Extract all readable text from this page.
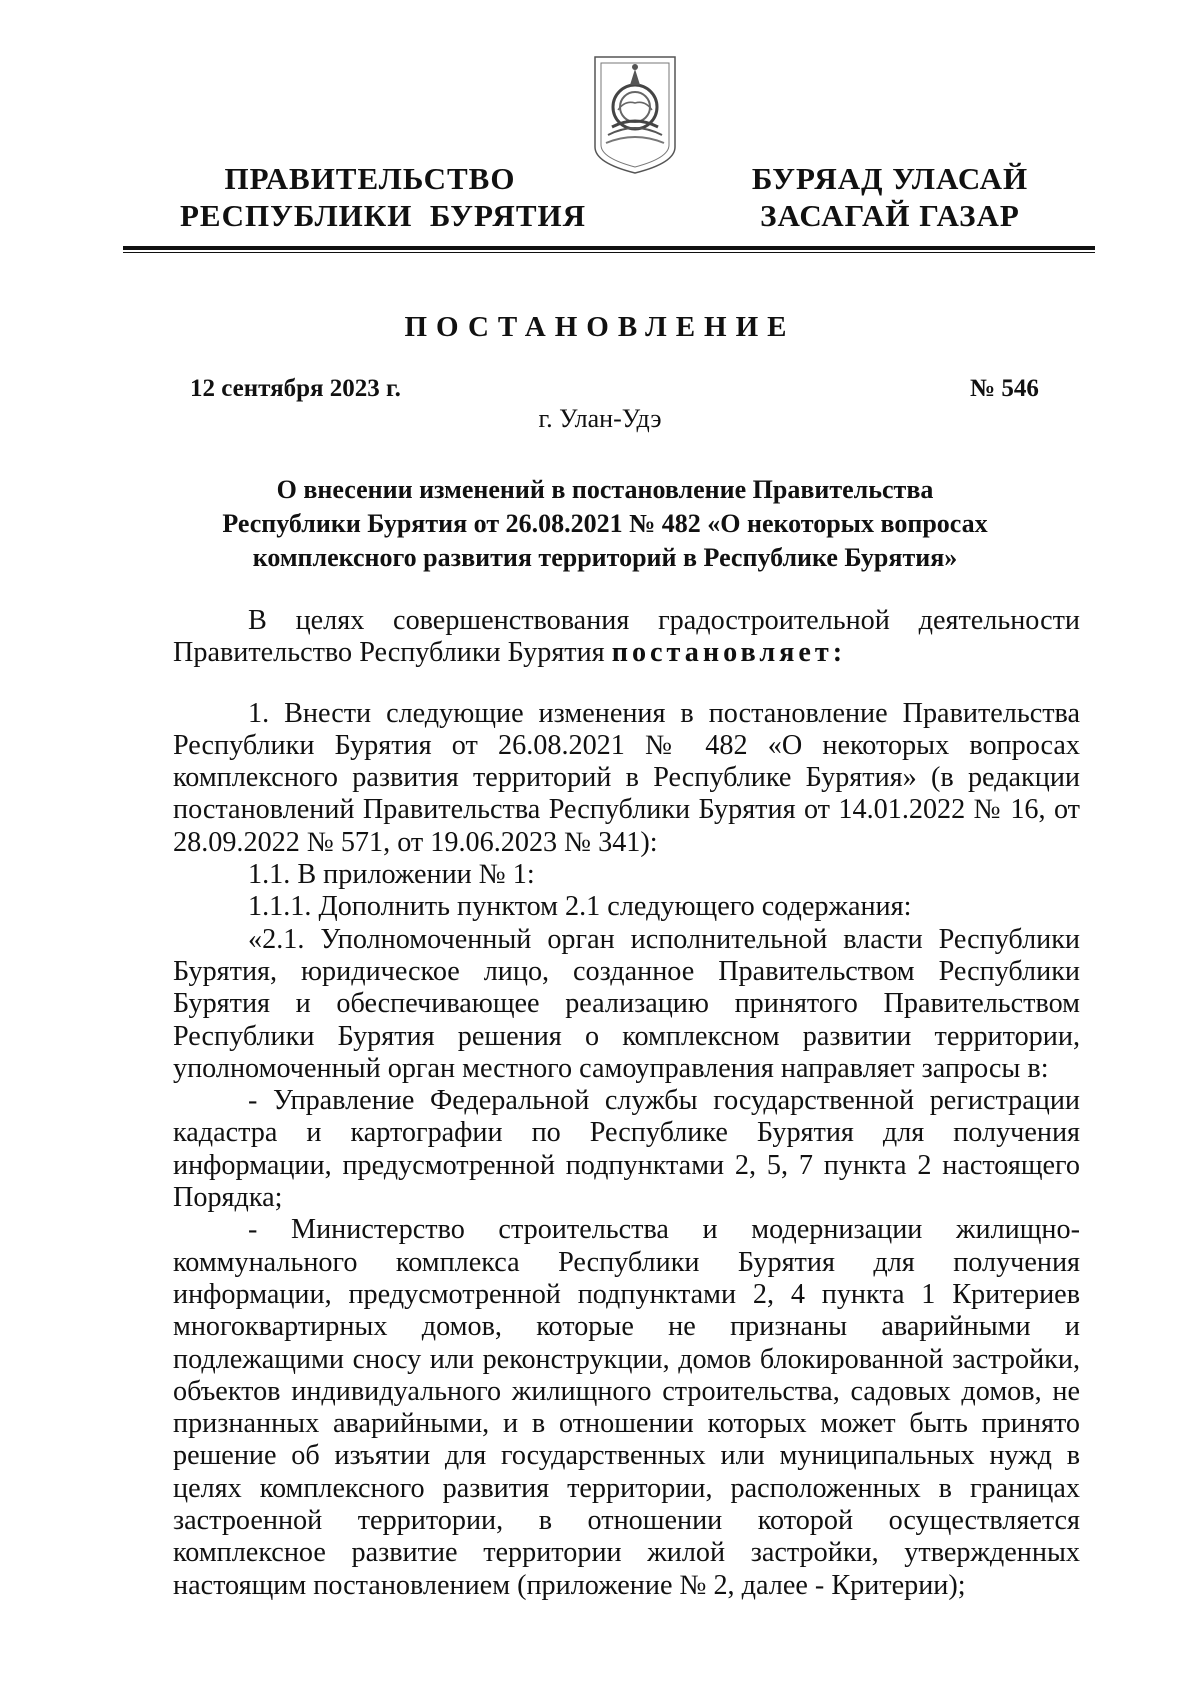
ПРАВИТЕЛЬСТВО
РЕСПУБЛИКИ  БУРЯТИЯ
БУРЯАД УЛАСАЙ
ЗАСАГАЙ ГАЗАР
ПОСТАНОВЛЕНИЕ
12 сентября 2023 г.	№ 546
г. Улан-Удэ
О внесении изменений в постановление Правительства
Республики Бурятия от 26.08.2021 № 482 «О некоторых вопросах
комплексного развития территорий в Республике Бурятия»

В целях совершенствования градостроительной деятельности Правительство Республики Бурятия постановляет:

1. Внести следующие изменения в постановление Правительства Республики Бурятия от 26.08.2021 № 482 «О некоторых вопросах комплексного развития территорий в Республике Бурятия» (в редакции постановлений Правительства Республики Бурятия от 14.01.2022 № 16, от 28.09.2022 № 571, от 19.06.2023 № 341):

1.1. В приложении № 1:

1.1.1. Дополнить пунктом 2.1 следующего содержания:

«2.1. Уполномоченный орган исполнительной власти Республики Бурятия, юридическое лицо, созданное Правительством Республики Бурятия и обеспечивающее реализацию принятого Правительством Республики Бурятия решения о комплексном развитии территории, уполномоченный орган местного самоуправления направляет запросы в:

- Управление Федеральной службы государственной регистрации кадастра и картографии по Республике Бурятия для получения информации, предусмотренной подпунктами 2, 5, 7 пункта 2 настоящего Порядка;

- Министерство строительства и модернизации жилищно-коммунального комплекса Республики Бурятия для получения информации, предусмотренной подпунктами 2, 4 пункта 1 Критериев многоквартирных домов, которые не признаны аварийными и подлежащими сносу или реконструкции, домов блокированной застройки, объектов индивидуального жилищного строительства, садовых домов, не признанных аварийными, и в отношении которых может быть принято решение об изъятии для государственных или муниципальных нужд в целях комплексного развития территории, расположенных в границах застроенной территории, в отношении которой осуществляется комплексное развитие территории жилой застройки, утвержденных настоящим постановлением (приложение № 2, далее - Критерии);
